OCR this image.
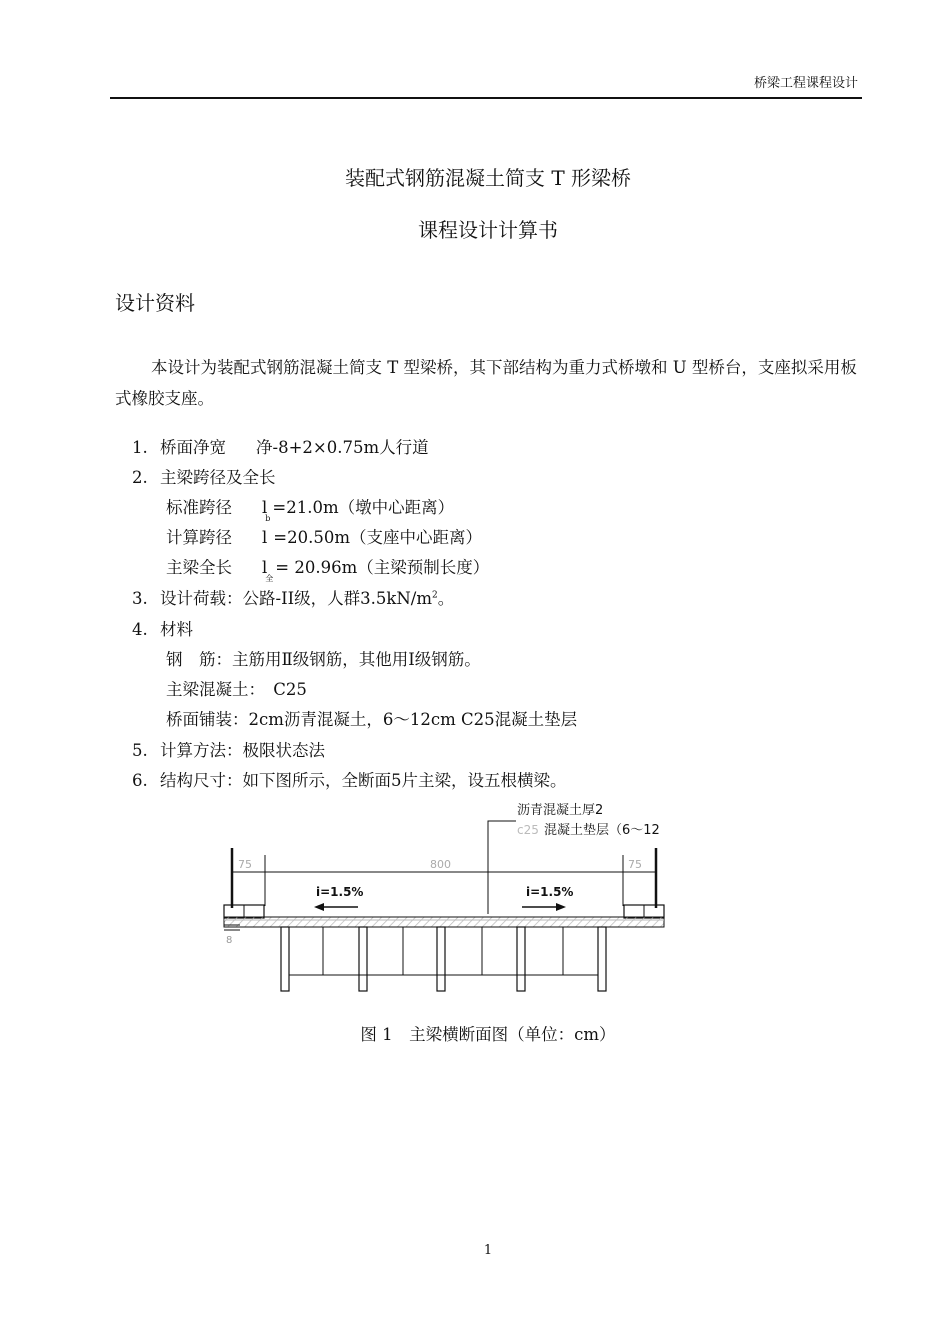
桥梁工程课程设计
装配式钢筋混凝土简支 T 形梁桥
课程设计计算书
设计资料
本设计为装配式钢筋混凝土简支 T 型梁桥，其下部结构为重力式桥墩和 U 型桥台，支座拟采用板式橡胶支座。
1. 桥面净宽 净-8+2×0.75m人行道
2. 主梁跨径及全长
标准跨径 $l_b=21.0m$（墩中心距离）
计算跨径 l =20.50m（支座中心距离）
主梁全长 $l_全= 20.96m$（主梁预制长度）
3. 设计荷载：公路-II级，人群$3.5kN/m^2$。
4. 材料
钢　筋：主筋用Ⅱ级钢筋，其他用Ⅰ级钢筋。
主梁混凝土：　C25
桥面铺装：2cm沥青混凝土，6～12cm C25混凝土垫层
5. 计算方法：极限状态法
6. 结构尺寸：如下图所示，全断面5片主梁，设五根横梁。
沥青混凝土厚2
c25 混凝土垫层（6～12
75	800	75
i=1.5%	i=1.5%
8
图 1　主梁横断面图（单位：cm）
1
